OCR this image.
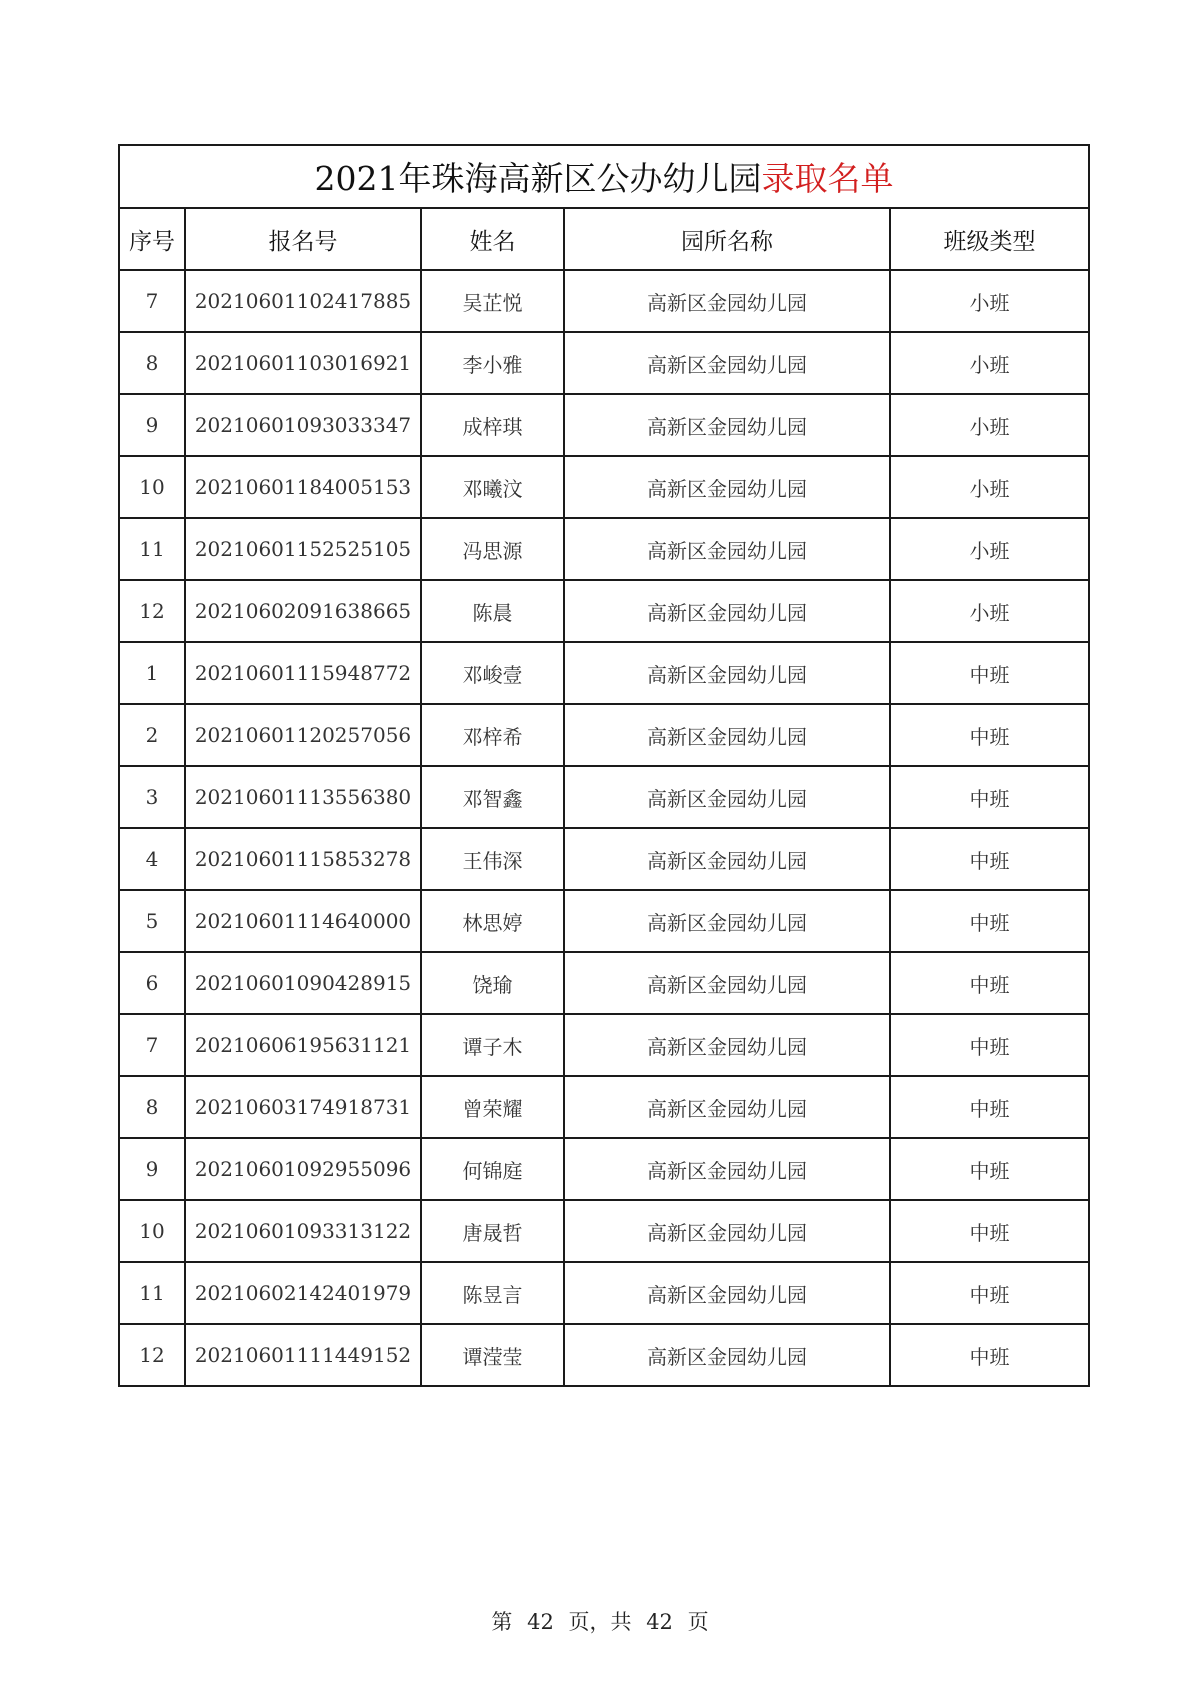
2021年珠海高新区公办幼儿园录取名单				
序号	报名号	姓名	园所名称	班级类型
7	20210601102417885	吴芷悦	高新区金园幼儿园	小班
8	20210601103016921	李小雅	高新区金园幼儿园	小班
9	20210601093033347	成梓琪	高新区金园幼儿园	小班
10	20210601184005153	邓曦汶	高新区金园幼儿园	小班
11	20210601152525105	冯思源	高新区金园幼儿园	小班
12	20210602091638665	陈晨	高新区金园幼儿园	小班
1	20210601115948772	邓峻壹	高新区金园幼儿园	中班
2	20210601120257056	邓梓希	高新区金园幼儿园	中班
3	20210601113556380	邓智鑫	高新区金园幼儿园	中班
4	20210601115853278	王伟深	高新区金园幼儿园	中班
5	20210601114640000	林思婷	高新区金园幼儿园	中班
6	20210601090428915	饶瑜	高新区金园幼儿园	中班
7	20210606195631121	谭子木	高新区金园幼儿园	中班
8	20210603174918731	曾荣耀	高新区金园幼儿园	中班
9	20210601092955096	何锦庭	高新区金园幼儿园	中班
10	20210601093313122	唐晟哲	高新区金园幼儿园	中班
11	20210602142401979	陈昱言	高新区金园幼儿园	中班
12	20210601111449152	谭滢莹	高新区金园幼儿园	中班
第 42 页，共 42 页
